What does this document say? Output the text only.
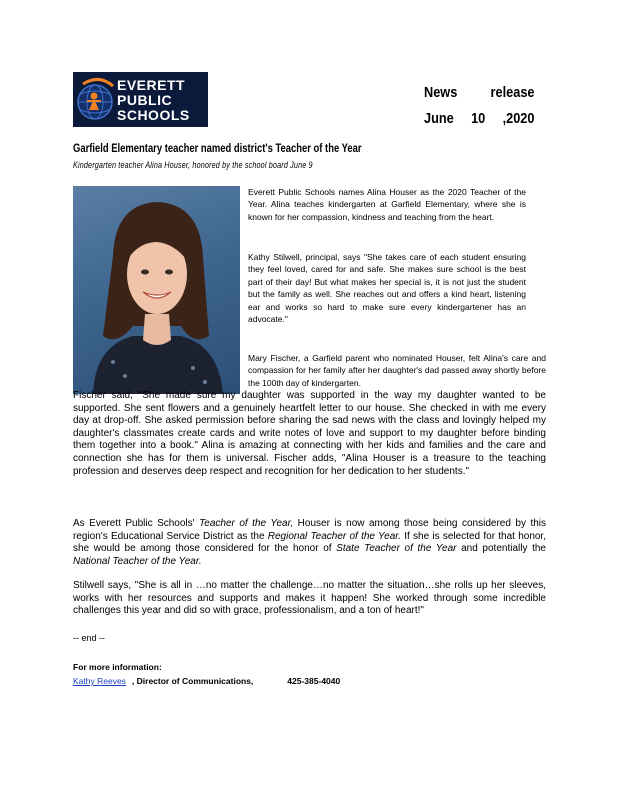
EVERETT
PUBLIC
SCHOOLS
News release
June 10 ,2020
Garfield Elementary teacher named district's Teacher of the Year
Kindergarten teacher Alina Houser, honored by the school board June 9
Everett Public Schools names Alina Houser as the 2020 Teacher of the Year. Alina teaches kindergarten at Garfield Elementary, where she is known for her compassion, kindness and teaching from the heart.
Kathy Stilwell, principal, says "She takes care of each student ensuring they feel loved, cared for and safe. She makes sure school is the best part of their day! But what makes her special is, it is not just the student but the family as well. She reaches out and offers a kind heart, listening ear and works so hard to make sure every kindergartener has an advocate."
Mary Fischer, a Garfield parent who nominated Houser, felt Alina's care and compassion for her family after her daughter's dad passed away shortly before the 100th day of kindergarten.
Fischer said, "She made sure my daughter was supported in the way my daughter wanted to be supported. She sent flowers and a genuinely heartfelt letter to our house. She checked in with me every day at drop-off. She asked permission before sharing the sad news with the class and lovingly helped my daughter's classmates create cards and write notes of love and support to my daughter before binding them together into a book." Alina is amazing at connecting with her kids and families and the care and connection she has for them is universal. Fischer adds, "Alina Houser is a treasure to the teaching profession and deserves deep respect and recognition for her dedication to her students."
As Everett Public Schools' Teacher of the Year, Houser is now among those being considered by this region's Educational Service District as the Regional Teacher of the Year. If she is selected for that honor, she would be among those considered for the honor of State Teacher of the Year and potentially the National Teacher of the Year.
Stilwell says, "She is all in …no matter the challenge…no matter the situation…she rolls up her sleeves, works with her resources and supports and makes it happen! She worked through some incredible challenges this year and did so with grace, professionalism, and a ton of heart!"
-- end --
For more information:
Kathy Reeves , Director of Communications,	425-385-4040
